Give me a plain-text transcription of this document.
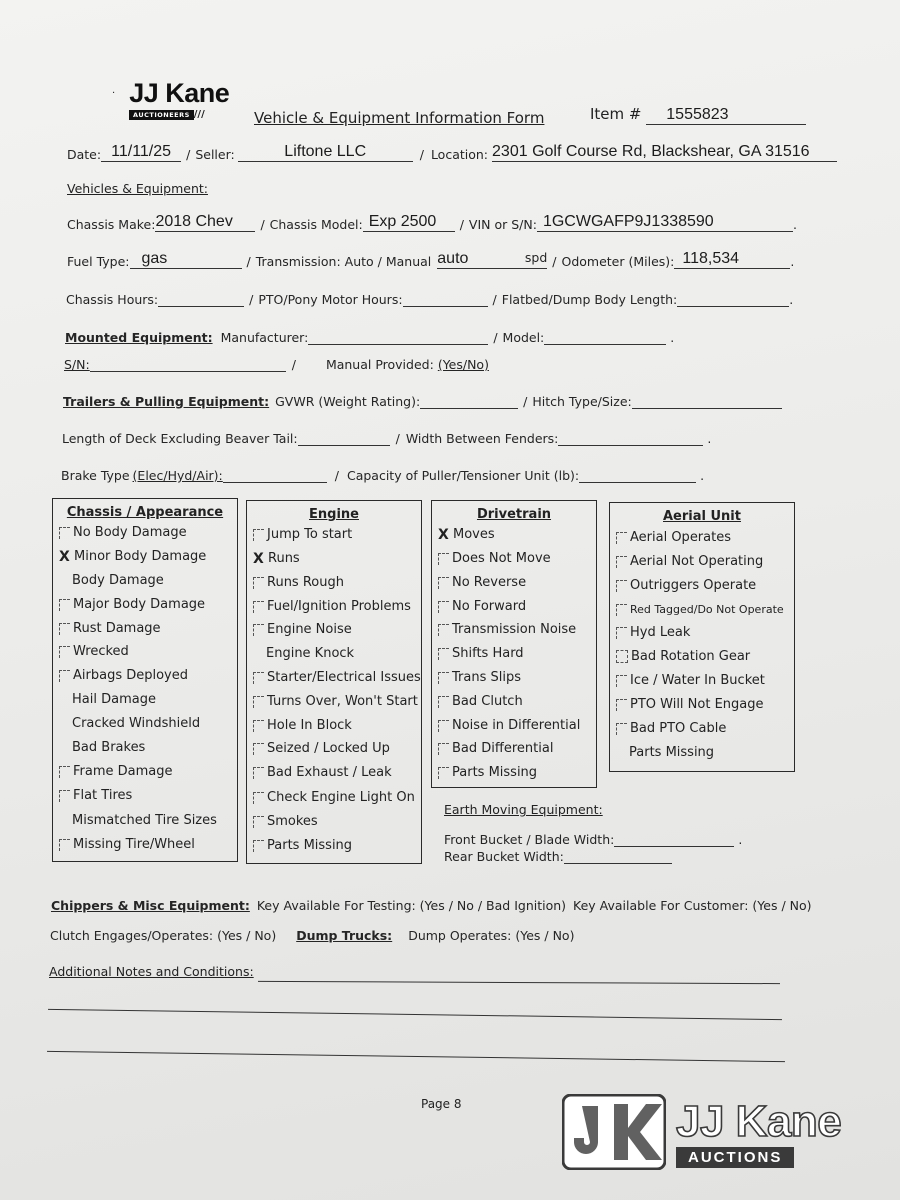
· JJ Kane
AUCTIONEERS ///	Vehicle & Equipment Information Form	Item # 1555823
Date: 11/11/25	/ Seller:	Liftone LLC	/ Location: 2301 Golf Course Rd, Blackshear, GA 31516
Vehicles & Equipment:
Chassis Make: 2018 Chev	/ Chassis Model: Exp 2500	/ VIN or S/N: 1GCWGAFP9J1338590	.
Fuel Type: gas	/ Transmission: Auto / Manual auto	spd / Odometer (Miles): 118,534	.
Chassis Hours:	/ PTO/Pony Motor Hours:	/ Flatbed/Dump Body Length:	.
Mounted Equipment: Manufacturer:	/ Model:	.
S/N:	/ Manual Provided: (Yes/No)
Trailers & Pulling Equipment: GVWR (Weight Rating):	/ Hitch Type/Size:
Length of Deck Excluding Beaver Tail:	/ Width Between Fenders:	.
Brake Type (Elec/Hyd/Air):	/ Capacity of Puller/Tensioner Unit (lb):	.
Chassis / Appearance
No Body Damage
X
Minor Body Damage
Body Damage
Major Body Damage
Rust Damage
Wrecked
Airbags Deployed
Hail Damage
Cracked Windshield
Bad Brakes
Frame Damage
Flat Tires
Mismatched Tire Sizes
Missing Tire/Wheel
Engine
Jump To start
X
Runs
Runs Rough
Fuel/Ignition Problems
Engine Noise
Engine Knock
Starter/Electrical Issues
Turns Over, Won't Start
Hole In Block
Seized / Locked Up
Bad Exhaust / Leak
Check Engine Light On
Smokes
Parts Missing
Drivetrain
X
Moves
Does Not Move
No Reverse
No Forward
Transmission Noise
Shifts Hard
Trans Slips
Bad Clutch
Noise in Differential
Bad Differential
Parts Missing
Aerial Unit
Aerial Operates
Aerial Not Operating
Outriggers Operate
Red Tagged/Do Not Operate
Hyd Leak
Bad Rotation Gear
Ice / Water In Bucket
PTO Will Not Engage
Bad PTO Cable
Parts Missing
Earth Moving Equipment:
Front Bucket / Blade Width:	.
Rear Bucket Width:
Chippers & Misc Equipment: Key Available For Testing: (Yes / No / Bad Ignition) Key Available For Customer: (Yes / No)
Clutch Engages/Operates: (Yes / No) Dump Trucks: Dump Operates: (Yes / No)
Additional Notes and Conditions:
Page 8	JJ Kane
AUCTIONS
